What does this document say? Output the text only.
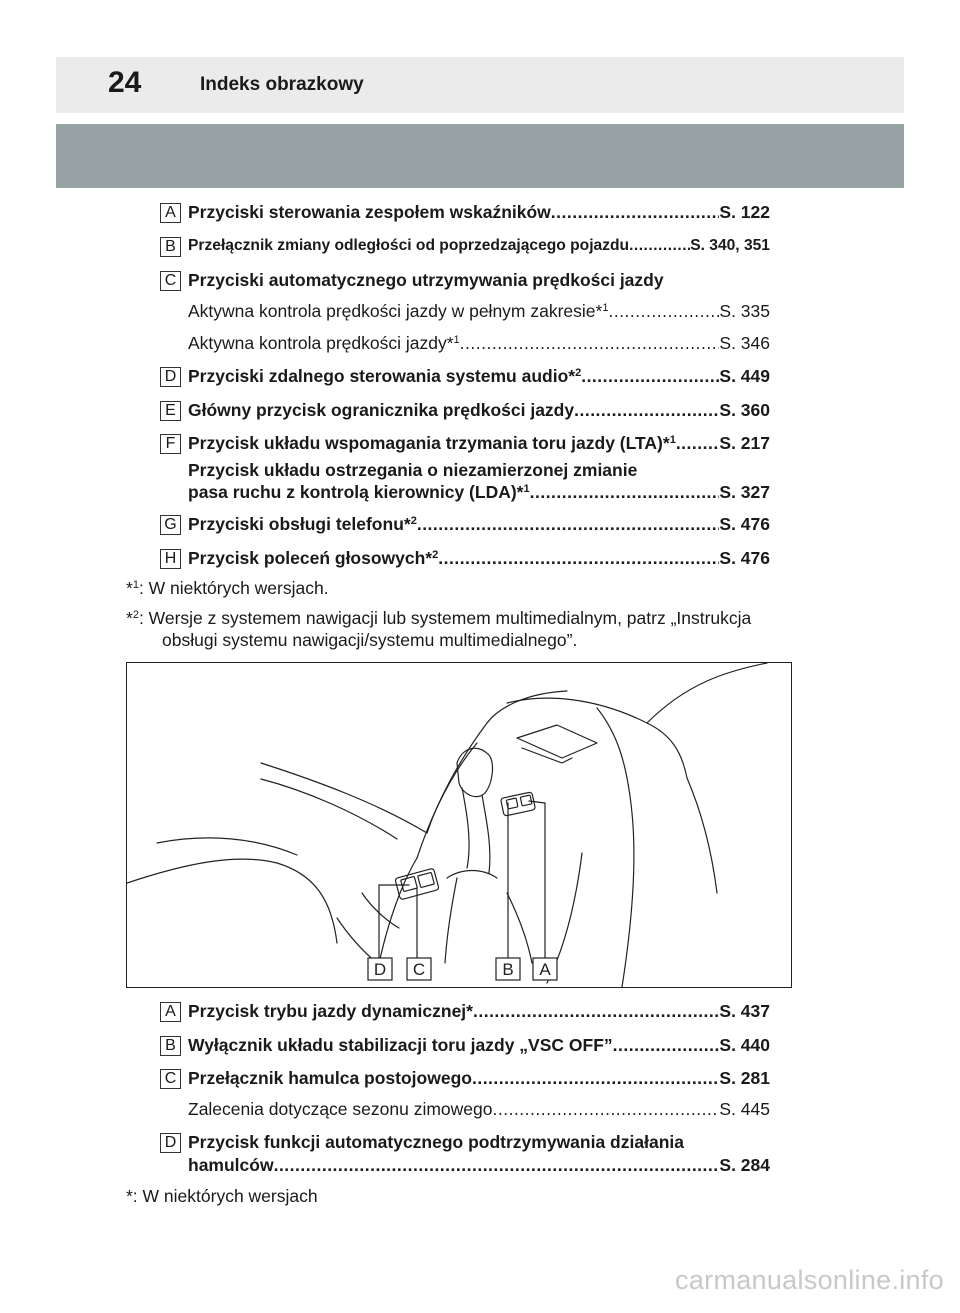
24	Indeks obrazkowy
A Przyciski sterowania zespołem wskaźników .....	S. 122
B Przełącznik zmiany odległości od poprzedzającego pojazdu .....	S. 340, 351
C Przyciski automatycznego utrzymywania prędkości jazdy
Aktywna kontrola prędkości jazdy w pełnym zakresie*$^1$ .....	S. 335
Aktywna kontrola prędkości jazdy*$^1$ .....	S. 346
D Przyciski zdalnego sterowania systemu audio*$^2$ .....	S. 449
E Główny przycisk ogranicznika prędkości jazdy .....	S. 360
F Przycisk układu wspomagania trzymania toru jazdy (LTA)*$^1$ ..... S. 217
Przycisk układu ostrzegania o niezamierzonej zmianie
pasa ruchu z kontrolą kierownicy (LDA)*$^1$ .....	S. 327
G Przyciski obsługi telefonu*$^2$ .....	S. 476
H Przycisk poleceń głosowych*$^2$ .....	S. 476
*$^1$: W niektórych wersjach.
*$^2$: Wersje z systemem nawigacji lub systemem multimedialnym, patrz „Instrukcja
obsługi systemu nawigacji/systemu multimedialnego”.
D C	B A
A Przycisk trybu jazdy dynamicznej* .....	S. 437
B Wyłącznik układu stabilizacji toru jazdy „VSC OFF” .....	S. 440
C Przełącznik hamulca postojowego .....	S. 281
Zalecenia dotyczące sezonu zimowego .....	S. 445
D Przycisk funkcji automatycznego podtrzymywania działania
hamulców .....	S. 284
*: W niektórych wersjach
carmanualsonline.info
